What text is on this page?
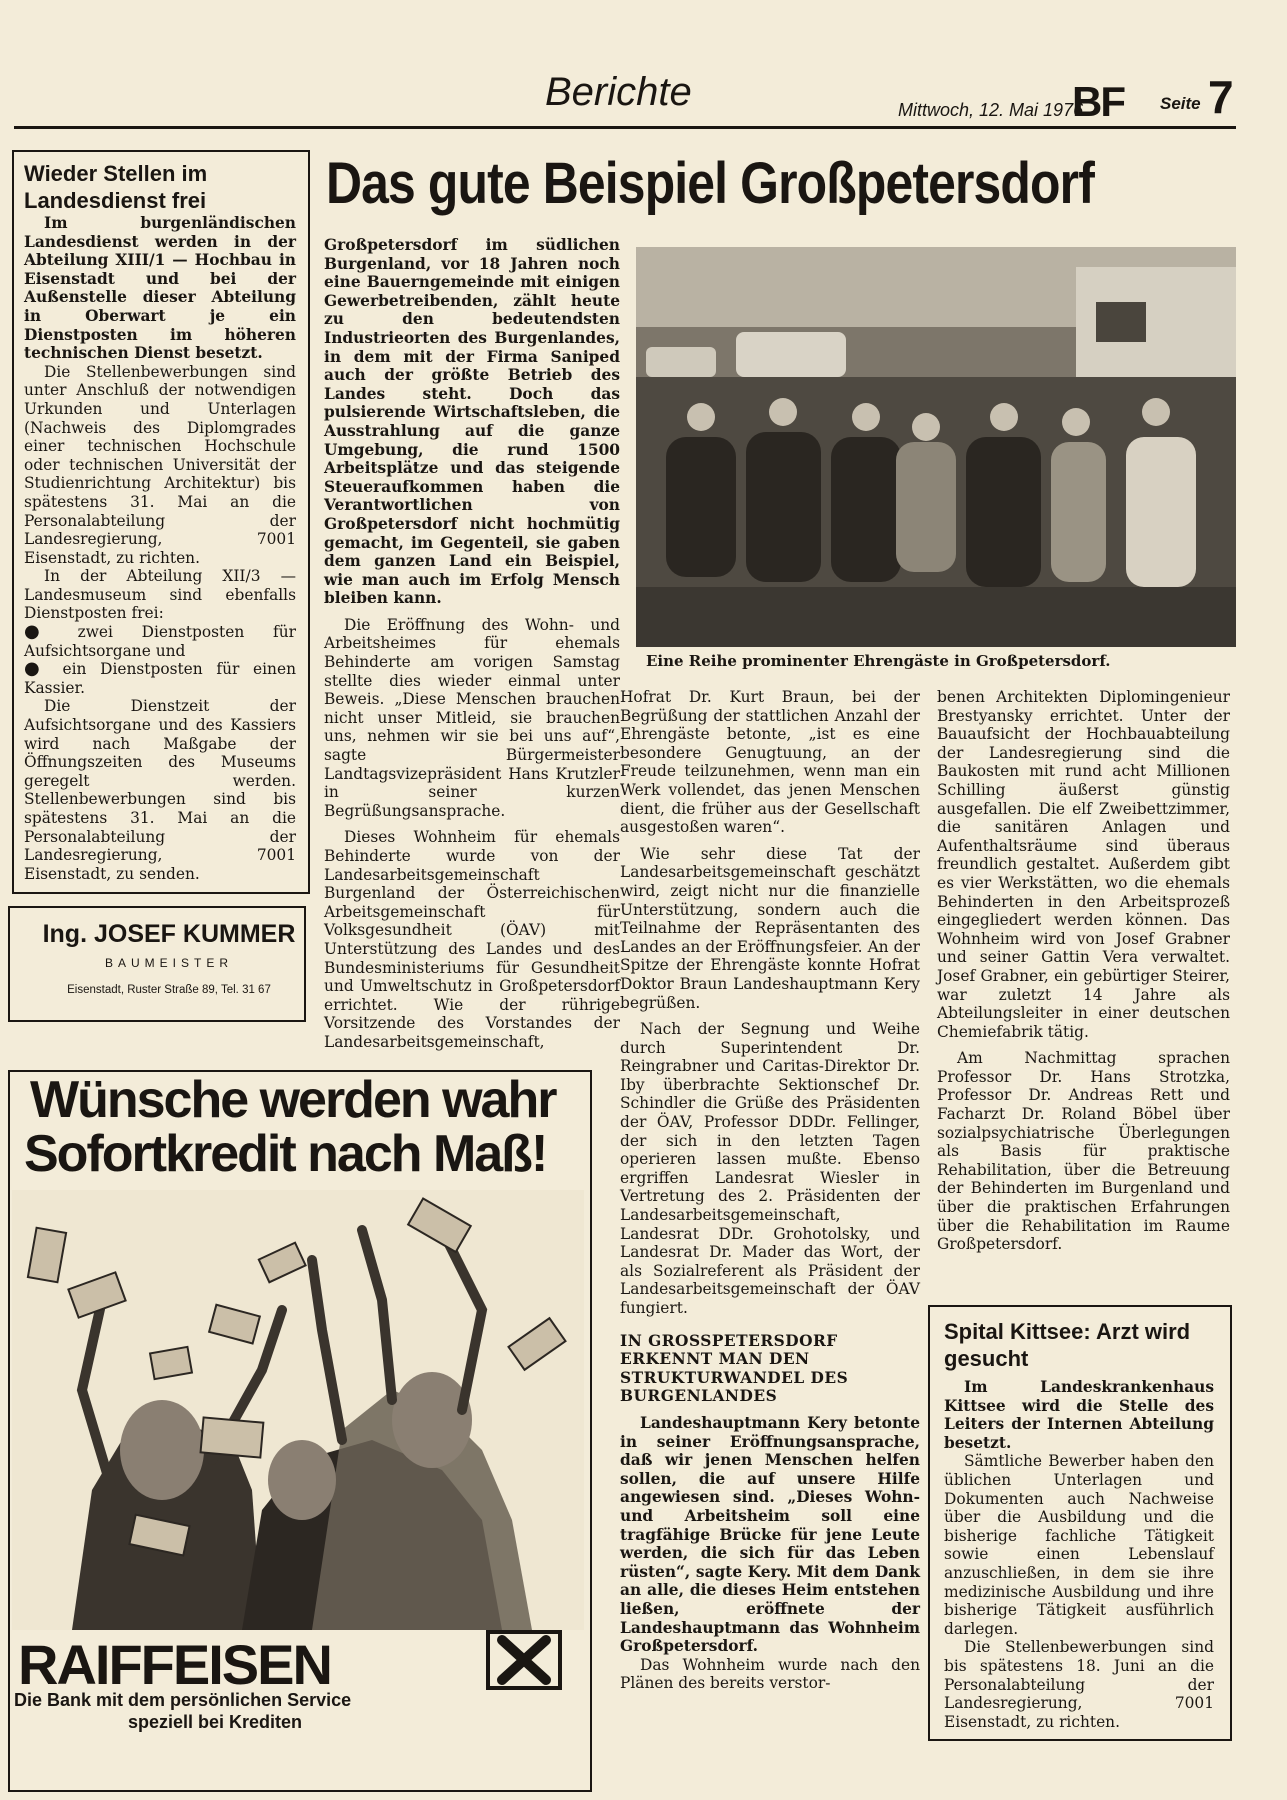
Berichte	Mittwoch, 12. Mai 1976
BF Seite 7
Wieder Stellen im Landesdienst frei

Im burgenländischen Landesdienst werden in der Abteilung XIII/1 — Hochbau in Eisenstadt und bei der Außenstelle dieser Abteilung in Oberwart je ein Dienstposten im höheren technischen Dienst besetzt.

Die Stellenbewerbungen sind unter Anschluß der notwendigen Urkunden und Unterlagen (Nachweis des Diplomgrades einer technischen Hochschule oder technischen Universität der Studienrichtung Architektur) bis spätestens 31. Mai an die Personalabteilung der Landesregierung, 7001 Eisenstadt, zu richten.

In der Abteilung XII/3 — Landesmuseum sind ebenfalls Dienstposten frei:

● zwei Dienstposten für Aufsichtsorgane und

● ein Dienstposten für einen Kassier.

Die Dienstzeit der Aufsichtsorgane und des Kassiers wird nach Maßgabe der Öffnungszeiten des Museums geregelt werden. Stellenbewerbungen sind bis spätestens 31. Mai an die Personalabteilung der Landesregierung, 7001 Eisenstadt, zu senden.

Ing. JOSEF KUMMER
BAUMEISTER
Eisenstadt, Ruster Straße 89, Tel. 31 67
Wünsche werden wahr
Sofortkredit nach Maß!
RAIFFEISEN
Die Bank mit dem persönlichen Service
speziell bei Krediten
Das gute Beispiel Großpetersdorf

Großpetersdorf im südlichen Burgenland, vor 18 Jahren noch eine Bauerngemeinde mit einigen Gewerbetreibenden, zählt heute zu den bedeutendsten Industrieorten des Burgenlandes, in dem mit der Firma Saniped auch der größte Betrieb des Landes steht. Doch das pulsierende Wirtschaftsleben, die Ausstrahlung auf die ganze Umgebung, die rund 1500 Arbeitsplätze und das steigende Steueraufkommen haben die Verantwortlichen von Großpetersdorf nicht hochmütig gemacht, im Gegenteil, sie gaben dem ganzen Land ein Beispiel, wie man auch im Erfolg Mensch bleiben kann.

Die Eröffnung des Wohn- und Arbeitsheimes für ehemals Behinderte am vorigen Samstag stellte dies wieder einmal unter Beweis. „Diese Menschen brauchen nicht unser Mitleid, sie brauchen uns, nehmen wir sie bei uns auf“, sagte Bürgermeister Landtagsvizepräsident Hans Krutzler in seiner kurzen Begrüßungsansprache.

Dieses Wohnheim für ehemals Behinderte wurde von der Landesarbeitsgemeinschaft Burgenland der Österreichischen Arbeitsgemeinschaft für Volksgesundheit (ÖAV) mit Unterstützung des Landes und des Bundesministeriums für Gesundheit und Umweltschutz in Großpetersdorf errichtet. Wie der rührige Vorsitzende des Vorstandes der Landesarbeitsgemeinschaft,

Eine Reihe prominenter Ehrengäste in Großpetersdorf.

Hofrat Dr. Kurt Braun, bei der Begrüßung der stattlichen Anzahl der Ehrengäste betonte, „ist es eine besondere Genugtuung, an der Freude teilzunehmen, wenn man ein Werk vollendet, das jenen Menschen dient, die früher aus der Gesellschaft ausgestoßen waren“.

Wie sehr diese Tat der Landesarbeitsgemeinschaft geschätzt wird, zeigt nicht nur die finanzielle Unterstützung, sondern auch die Teilnahme der Repräsentanten des Landes an der Eröffnungsfeier. An der Spitze der Ehrengäste konnte Hofrat Doktor Braun Landeshauptmann Kery begrüßen.

Nach der Segnung und Weihe durch Superintendent Dr. Reingrabner und Caritas-Direktor Dr. Iby überbrachte Sektionschef Dr. Schindler die Grüße des Präsidenten der ÖAV, Professor DDDr. Fellinger, der sich in den letzten Tagen operieren lassen mußte. Ebenso ergriffen Landesrat Wiesler in Vertretung des 2. Präsidenten der Landesarbeitsgemeinschaft, Landesrat DDr. Grohotolsky, und Landesrat Dr. Mader das Wort, der als Sozialreferent als Präsident der Landesarbeitsgemeinschaft der ÖAV fungiert.

IN GROSSPETERSDORF ERKENNT MAN DEN STRUKTURWANDEL DES BURGENLANDES

Landeshauptmann Kery betonte in seiner Eröffnungsansprache, daß wir jenen Menschen helfen sollen, die auf unsere Hilfe angewiesen sind. „Dieses Wohn- und Arbeitsheim soll eine tragfähige Brücke für jene Leute werden, die sich für das Leben rüsten“, sagte Kery. Mit dem Dank an alle, die dieses Heim entstehen ließen, eröffnete der Landeshauptmann das Wohnheim Großpetersdorf.

Das Wohnheim wurde nach den Plänen des bereits verstor-

benen Architekten Diplomingenieur Brestyansky errichtet. Unter der Bauaufsicht der Hochbauabteilung der Landesregierung sind die Baukosten mit rund acht Millionen Schilling äußerst günstig ausgefallen. Die elf Zweibettzimmer, die sanitären Anlagen und Aufenthaltsräume sind überaus freundlich gestaltet. Außerdem gibt es vier Werkstätten, wo die ehemals Behinderten in den Arbeitsprozeß eingegliedert werden können. Das Wohnheim wird von Josef Grabner und seiner Gattin Vera verwaltet. Josef Grabner, ein gebürtiger Steirer, war zuletzt 14 Jahre als Abteilungsleiter in einer deutschen Chemiefabrik tätig.

Am Nachmittag sprachen Professor Dr. Hans Strotzka, Professor Dr. Andreas Rett und Facharzt Dr. Roland Böbel über sozialpsychiatrische Überlegungen als Basis für praktische Rehabilitation, über die Betreuung der Behinderten im Burgenland und über die praktischen Erfahrungen über die Rehabilitation im Raume Großpetersdorf.

Spital Kittsee: Arzt wird gesucht

Im Landeskrankenhaus Kittsee wird die Stelle des Leiters der Internen Abteilung besetzt.

Sämtliche Bewerber haben den üblichen Unterlagen und Dokumenten auch Nachweise über die Ausbildung und die bisherige fachliche Tätigkeit sowie einen Lebenslauf anzuschließen, in dem sie ihre medizinische Ausbildung und ihre bisherige Tätigkeit ausführlich darlegen.

Die Stellenbewerbungen sind bis spätestens 18. Juni an die Personalabteilung der Landesregierung, 7001 Eisenstadt, zu richten.
